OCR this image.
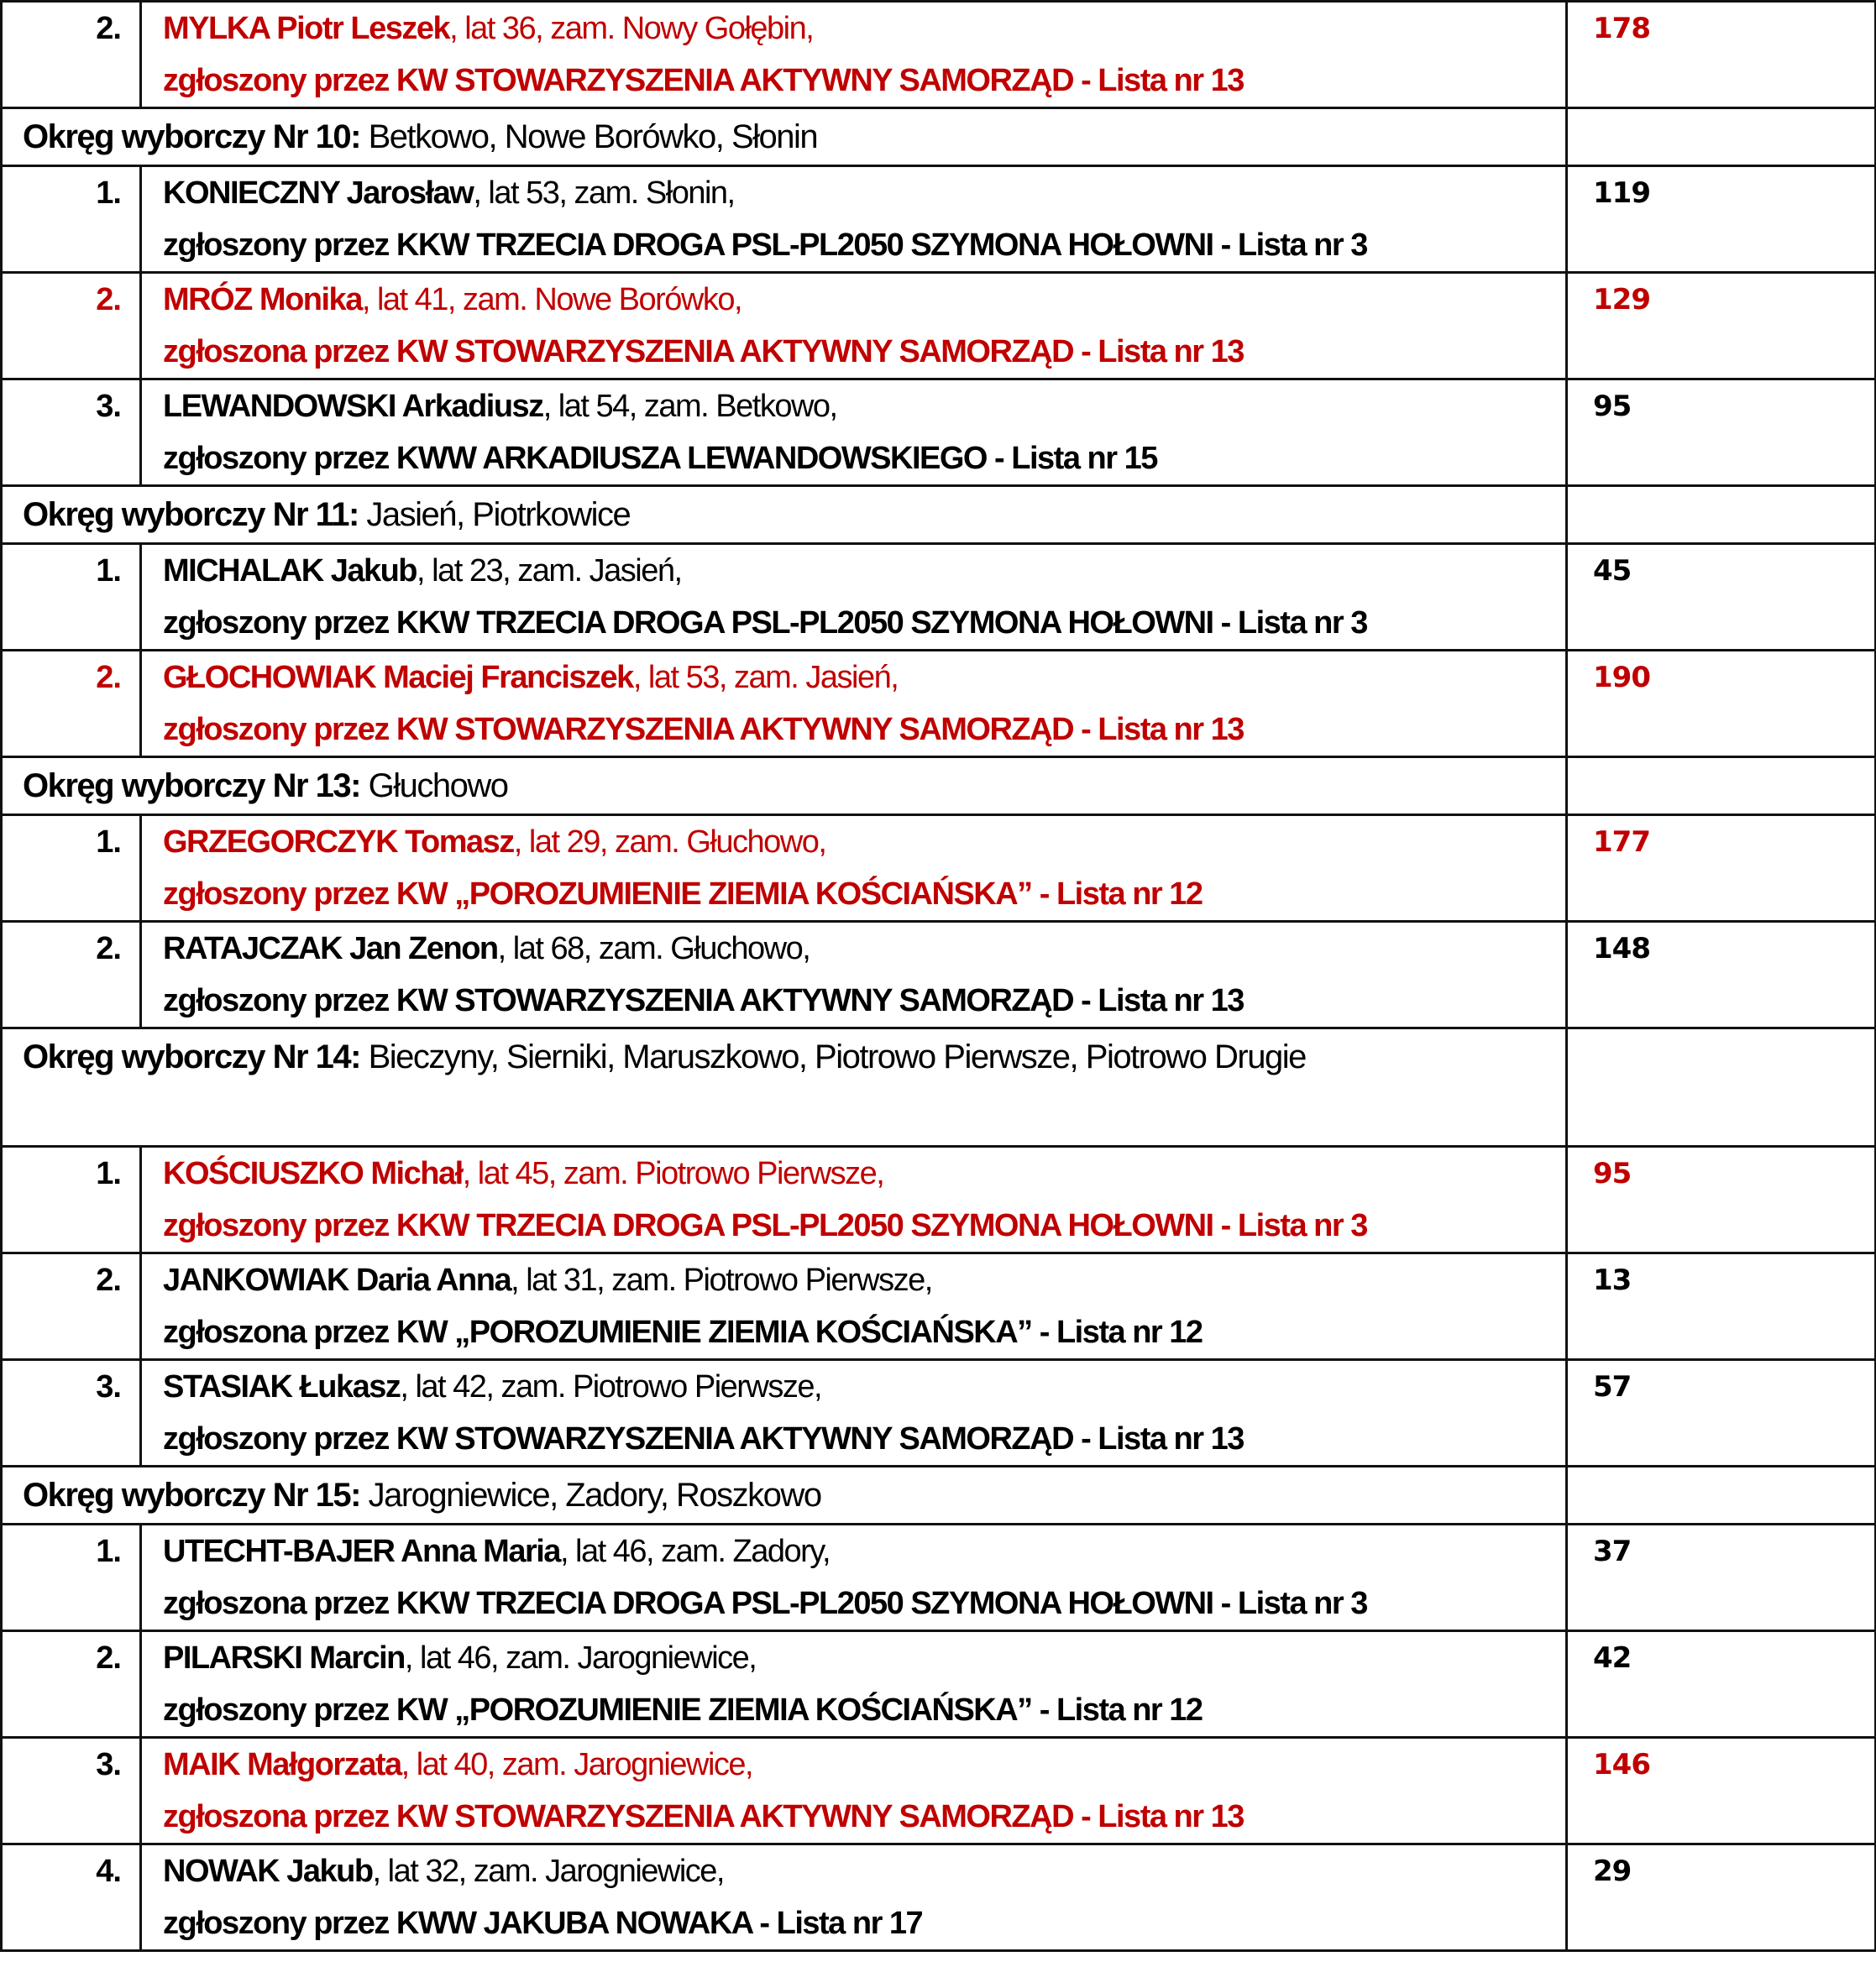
2.	MYLKA Piotr Leszek, lat 36, zam. Nowy Gołębin,
zgłoszony przez KW STOWARZYSZENIA AKTYWNY SAMORZĄD - Lista nr 13	178
Okręg wyborczy Nr 10: Betkowo, Nowe Borówko, Słonin		
1.	KONIECZNY Jarosław, lat 53, zam. Słonin,
zgłoszony przez KKW TRZECIA DROGA PSL-PL2050 SZYMONA HOŁOWNI - Lista nr 3	119
2.	MRÓZ Monika, lat 41, zam. Nowe Borówko,
zgłoszona przez KW STOWARZYSZENIA AKTYWNY SAMORZĄD - Lista nr 13	129
3.	LEWANDOWSKI Arkadiusz, lat 54, zam. Betkowo,
zgłoszony przez KWW ARKADIUSZA LEWANDOWSKIEGO - Lista nr 15	95
Okręg wyborczy Nr 11: Jasień, Piotrkowice		
1.	MICHALAK Jakub, lat 23, zam. Jasień,
zgłoszony przez KKW TRZECIA DROGA PSL-PL2050 SZYMONA HOŁOWNI - Lista nr 3	45
2.	GŁOCHOWIAK Maciej Franciszek, lat 53, zam. Jasień,
zgłoszony przez KW STOWARZYSZENIA AKTYWNY SAMORZĄD - Lista nr 13	190
Okręg wyborczy Nr 13: Głuchowo		
1.	GRZEGORCZYK Tomasz, lat 29, zam. Głuchowo,
zgłoszony przez KW „POROZUMIENIE ZIEMIA KOŚCIAŃSKA” - Lista nr 12	177
2.	RATAJCZAK Jan Zenon, lat 68, zam. Głuchowo,
zgłoszony przez KW STOWARZYSZENIA AKTYWNY SAMORZĄD - Lista nr 13	148
Okręg wyborczy Nr 14: Bieczyny, Sierniki, Maruszkowo, Piotrowo Pierwsze, Piotrowo Drugie		
1.	KOŚCIUSZKO Michał, lat 45, zam. Piotrowo Pierwsze,
zgłoszony przez KKW TRZECIA DROGA PSL-PL2050 SZYMONA HOŁOWNI - Lista nr 3	95
2.	JANKOWIAK Daria Anna, lat 31, zam. Piotrowo Pierwsze,
zgłoszona przez KW „POROZUMIENIE ZIEMIA KOŚCIAŃSKA” - Lista nr 12	13
3.	STASIAK Łukasz, lat 42, zam. Piotrowo Pierwsze,
zgłoszony przez KW STOWARZYSZENIA AKTYWNY SAMORZĄD - Lista nr 13	57
Okręg wyborczy Nr 15: Jarogniewice, Zadory, Roszkowo		
1.	UTECHT-BAJER Anna Maria, lat 46, zam. Zadory,
zgłoszona przez KKW TRZECIA DROGA PSL-PL2050 SZYMONA HOŁOWNI - Lista nr 3	37
2.	PILARSKI Marcin, lat 46, zam. Jarogniewice,
zgłoszony przez KW „POROZUMIENIE ZIEMIA KOŚCIAŃSKA” - Lista nr 12	42
3.	MAIK Małgorzata, lat 40, zam. Jarogniewice,
zgłoszona przez KW STOWARZYSZENIA AKTYWNY SAMORZĄD - Lista nr 13	146
4.	NOWAK Jakub, lat 32, zam. Jarogniewice,
zgłoszony przez KWW JAKUBA NOWAKA - Lista nr 17	29
